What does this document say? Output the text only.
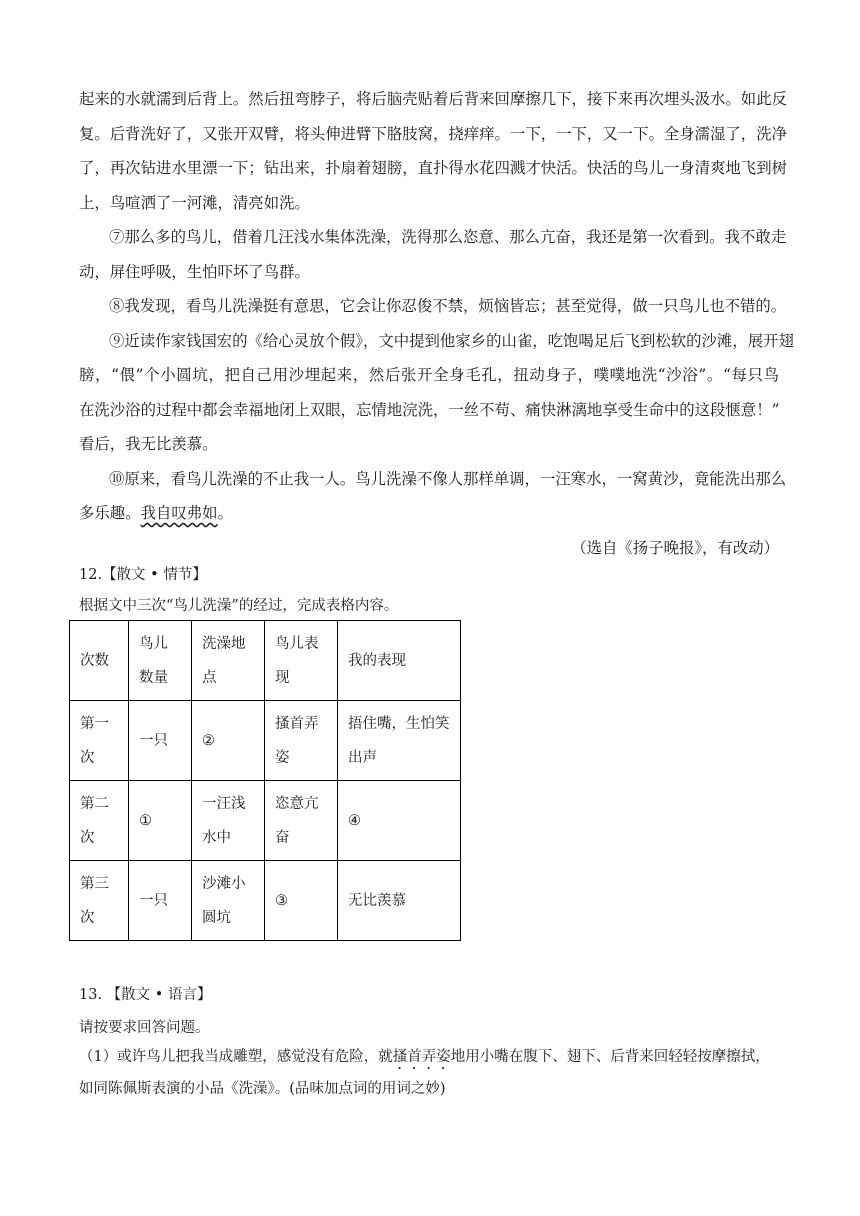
起来的水就濡到后背上。然后扭弯脖子，将后脑壳贴着后背来回摩擦几下，接下来再次埋头汲水。如此反
复。后背洗好了，又张开双臂，将头伸进臂下胳肢窝，挠痒痒。一下，一下，又一下。全身濡湿了，洗净
了，再次钻进水里漂一下；钻出来，扑扇着翅膀，直扑得水花四溅才快活。快活的鸟儿一身清爽地飞到树
上，鸟喧洒了一河滩，清亮如洗。
⑦那么多的鸟儿，借着几汪浅水集体洗澡，洗得那么恣意、那么亢奋，我还是第一次看到。我不敢走
动，屏住呼吸，生怕吓坏了鸟群。
⑧我发现，看鸟儿洗澡挺有意思，它会让你忍俊不禁，烦恼皆忘；甚至觉得，做一只鸟儿也不错的。
⑨近读作家钱国宏的《给心灵放个假》，文中提到他家乡的山雀，吃饱喝足后飞到松软的沙滩，展开翅
膀，“偎”个小圆坑，把自己用沙埋起来，然后张开全身毛孔，扭动身子，噗噗地洗“沙浴”。“每只鸟
在洗沙浴的过程中都会幸福地闭上双眼，忘情地浣洗，一丝不苟、痛快淋漓地享受生命中的这段惬意！”
看后，我无比羡慕。
⑩原来，看鸟儿洗澡的不止我一人。鸟儿洗澡不像人那样单调，一汪寒水，一窝黄沙，竟能洗出那么
多乐趣。我自叹弗如。
（选自《扬子晚报》，有改动）
12.【散文 • 情节】
根据文中三次“鸟儿洗澡”的经过，完成表格内容。
次数	鸟儿数量	洗澡地点	鸟儿表现	我的表现
第一次	一只	②	搔首弄姿	捂住嘴，生怕笑出声
第二次	①	一汪浅水中	恣意亢奋	④
第三次	一只	沙滩小圆坑	③	无比羡慕
13. 【散文 • 语言】
请按要求回答问题。
（1）或许鸟儿把我当成雕塑，感觉没有危险，就搔首弄姿地用小嘴在腹下、翅下、后背来回轻轻按摩擦拭，如同陈佩斯表演的小品《洗澡》。(品味加点词的用词之妙)
